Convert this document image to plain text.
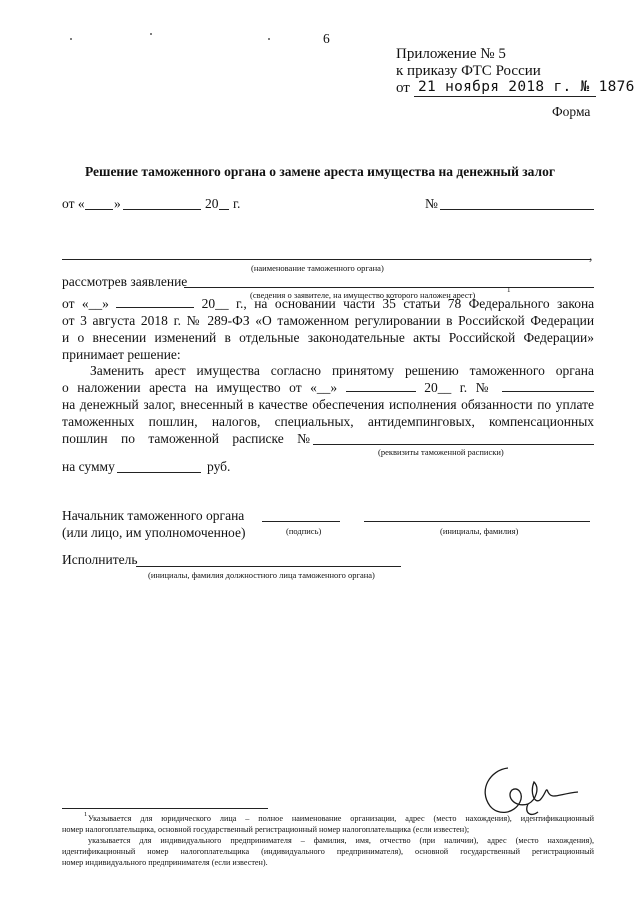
6
Приложение № 5
к приказу ФТС России
от 21 ноября 2018 г. № 1876
Форма
Решение таможенного органа о замене ареста имущества на денежный залог
от « »	20 г.	№
,
(наименование таможенного органа)
рассмотрев заявление
(сведения о заявителе, на имущество которого наложен арест)	1
от «__»	20__ г., на основании части 35 статьи 78 Федерального закона
от 3 августа 2018 г. № 289-ФЗ «О таможенном регулировании в Российской Федерации
и о внесении изменений в отдельные законодательные акты Российской Федерации»
принимает решение:
Заменить арест имущества согласно принятому решению таможенного органа
о наложении ареста на имущество от «__»	20__ г. №
на денежный залог, внесенный в качестве обеспечения исполнения обязанности по уплате
таможенных пошлин, налогов, специальных, антидемпинговых, компенсационных
пошлин по таможенной расписке №
(реквизиты таможенной расписки)
на сумму	руб.
Начальник таможенного органа
(или лицо, им уполномоченное)	(подпись)	(инициалы, фамилия)
Исполнитель
(инициалы, фамилия должностного лица таможенного органа)
1 Указывается для юридического лица – полное наименование организации, адрес (место нахождения), идентификационный
номер налогоплательщика, основной государственный регистрационный номер налогоплательщика (если известен);
указывается для индивидуального предпринимателя – фамилия, имя, отчество (при наличии), адрес (место нахождения),
идентификационный номер налогоплательщика (индивидуального предпринимателя), основной государственный регистрационный
номер индивидуального предпринимателя (если известен).
